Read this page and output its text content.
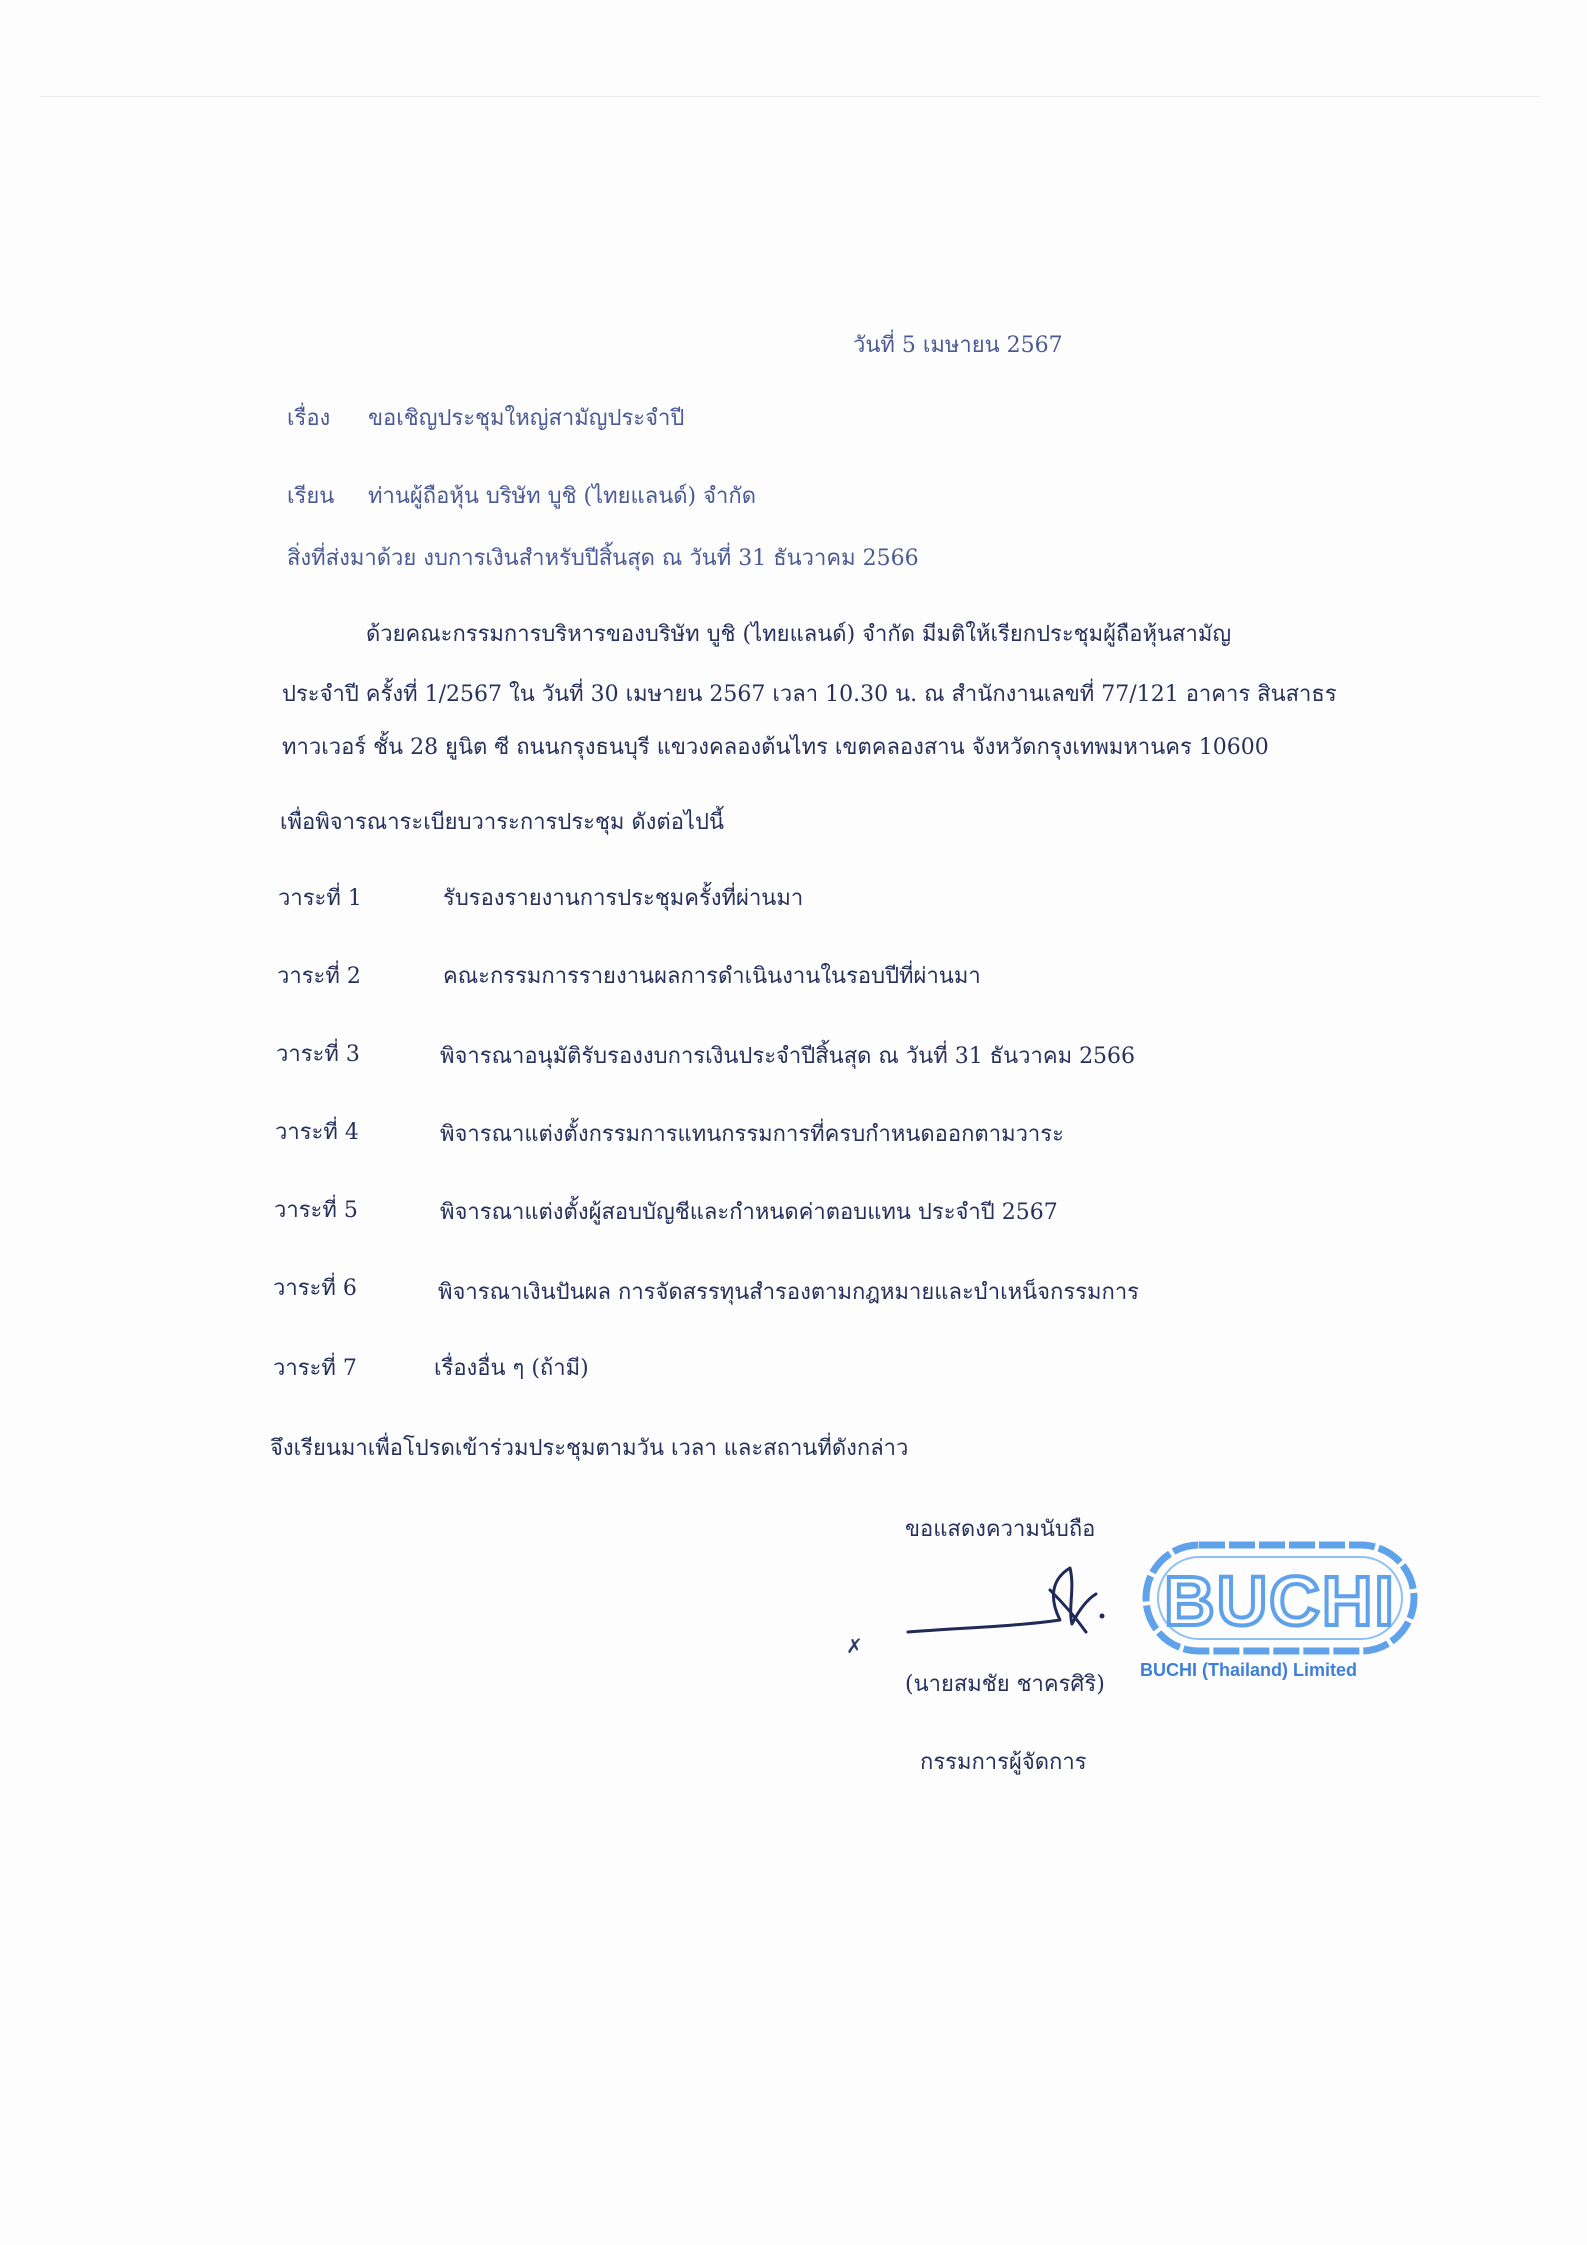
วันที่ 5 เมษายน 2567
เรื่อง ขอเชิญประชุมใหญ่สามัญประจำปี
เรียน ท่านผู้ถือหุ้น บริษัท บูชิ (ไทยแลนด์) จำกัด
สิ่งที่ส่งมาด้วย งบการเงินสำหรับปีสิ้นสุด ณ วันที่ 31 ธันวาคม 2566
ด้วยคณะกรรมการบริหารของบริษัท บูชิ (ไทยแลนด์) จำกัด มีมติให้เรียกประชุมผู้ถือหุ้นสามัญ
ประจำปี ครั้งที่ 1/2567 ใน วันที่ 30 เมษายน 2567 เวลา 10.30 น. ณ สำนักงานเลขที่ 77/121 อาคาร สินสาธร
ทาวเวอร์ ชั้น 28 ยูนิต ซี ถนนกรุงธนบุรี แขวงคลองต้นไทร เขตคลองสาน จังหวัดกรุงเทพมหานคร 10600
เพื่อพิจารณาระเบียบวาระการประชุม ดังต่อไปนี้
วาระที่ 1	รับรองรายงานการประชุมครั้งที่ผ่านมา
วาระที่ 2	คณะกรรมการรายงานผลการดำเนินงานในรอบปีที่ผ่านมา
วาระที่ 3	พิจารณาอนุมัติรับรองงบการเงินประจำปีสิ้นสุด ณ วันที่ 31 ธันวาคม 2566
วาระที่ 4	พิจารณาแต่งตั้งกรรมการแทนกรรมการที่ครบกำหนดออกตามวาระ
วาระที่ 5	พิจารณาแต่งตั้งผู้สอบบัญชีและกำหนดค่าตอบแทน ประจำปี 2567
วาระที่ 6	พิจารณาเงินปันผล การจัดสรรทุนสำรองตามกฎหมายและบำเหน็จกรรมการ
วาระที่ 7	เรื่องอื่น ๆ (ถ้ามี)
จึงเรียนมาเพื่อโปรดเข้าร่วมประชุมตามวัน เวลา และสถานที่ดังกล่าว
ขอแสดงความนับถือ
✗
(นายสมชัย ชาครศิริ)
กรรมการผู้จัดการ
BUCHI
BUCHI (Thailand) Limited
